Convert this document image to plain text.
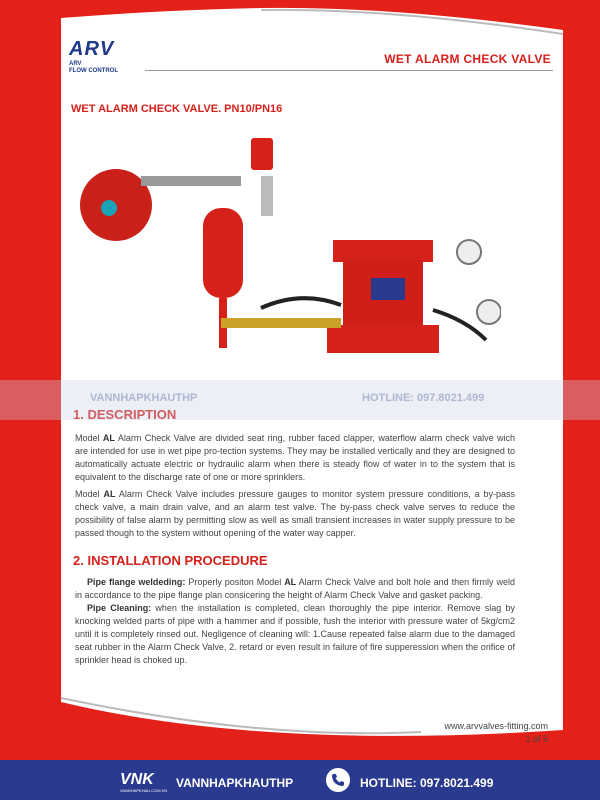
ARV
ARV
FLOW CONTROL
WET ALARM CHECK VALVE
WET ALARM CHECK VALVE. PN10/PN16
1. DESCRIPTION

Model AL Alarm Check Valve are divided seat ring, rubber faced clapper, waterflow alarm check valve wich are intended for use in wet pipe pro-tection systems. They may be installed vertically and they are designed to automatically actuate electric or hydraulic alarm when there is steady flow of water in to the system that is equivalent to the discharge rate of one or more sprinklers.

Model AL Alarm Check Valve includes pressure gauges to monitor system pressure conditions, a by-pass check valve, a main drain valve, and an alarm test valve. The by-pass check valve serves to reduce the possibility of false alarm by permitting slow as well as small transient increases in water supply pressure to be passed though to the system without opening of the water way capper.

2. INSTALLATION PROCEDURE

Pipe flange weldeding: Properly positon Model AL Alarm Check Valve and bolt hole and then firmly weld in accordance to the pipe flange plan consicering the height of Alarm Check Valve and gasket packing.

Pipe Cleaning: when the installation is completed, clean thoroughly the pipe interior. Remove slag by knocking welded parts of pipe with a hammer and if possible, fush the interior with pressure water of 5kg/cm2 until it is completely rinsed out. Negligence of cleaning will: 1.Cause repeated false alarm due to the damaged seat rubber in the Alarm Check Valve, 2. retard or even result in failure of fire supperession when the orifice of sprinkler head is choked up.

www.arvvalves-fitting.com
1 of 5
VANNHAPKHAUTHP	HOTLINE: 097.8021.499
VNK
VANNHAPKHAU.COM.VN
VANNHAPKHAUTHP	HOTLINE: 097.8021.499
